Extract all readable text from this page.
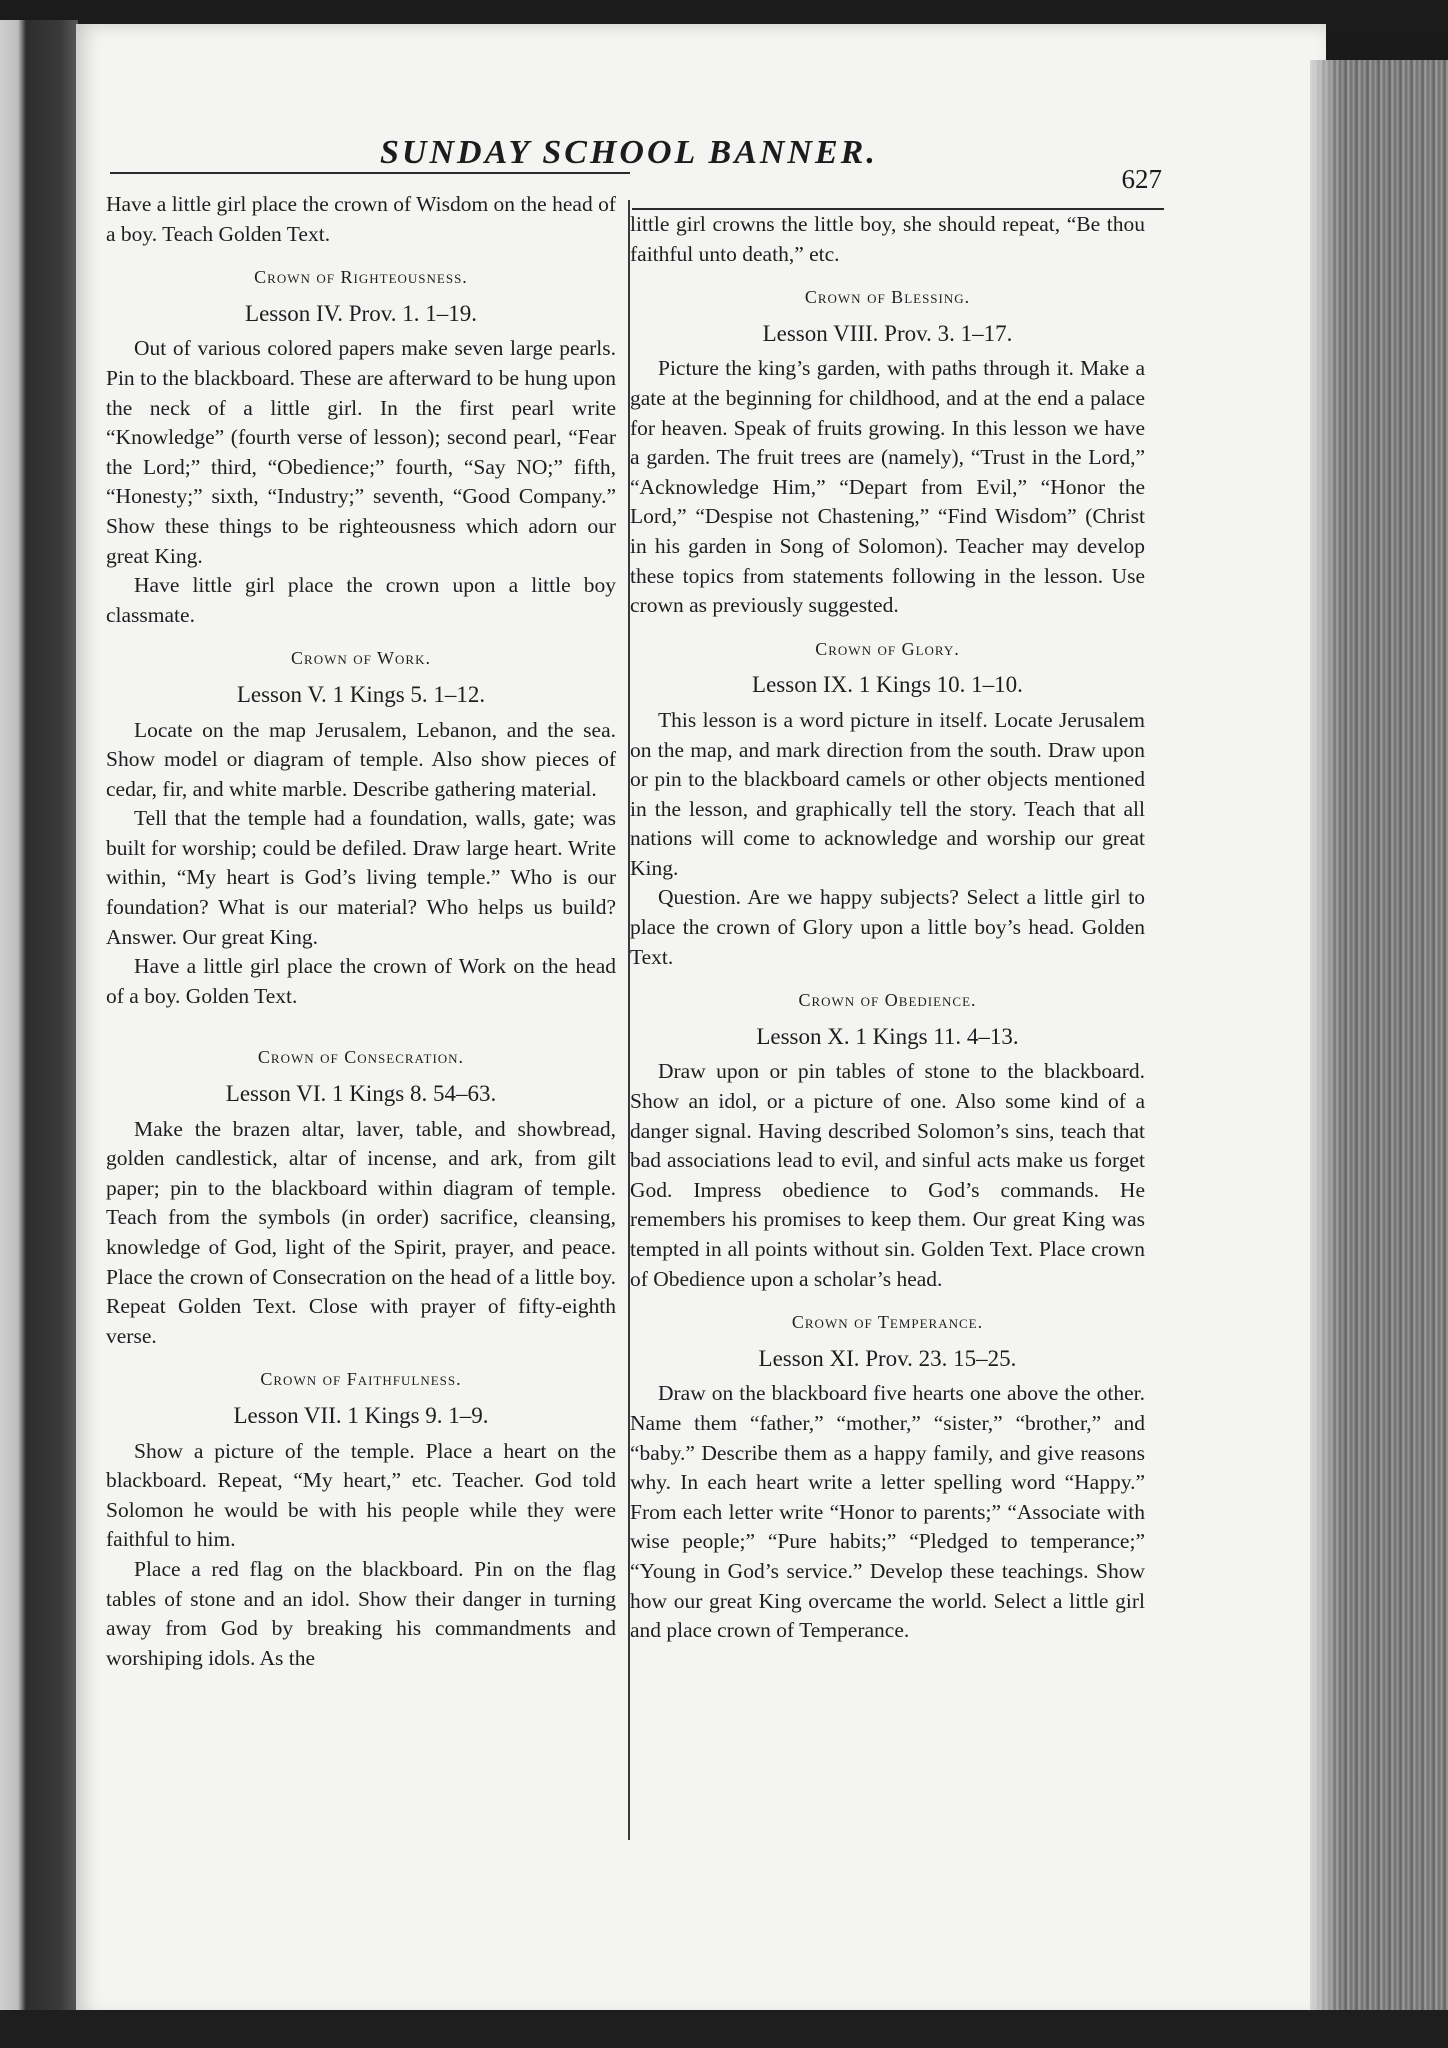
SUNDAY SCHOOL BANNER.
627

Have a little girl place the crown of Wisdom on the head of a boy. Teach Golden Text.

Crown of Righteousness.
Lesson IV. Prov. 1. 1–19.

Out of various colored papers make seven large pearls. Pin to the blackboard. These are afterward to be hung upon the neck of a little girl. In the first pearl write “Knowledge” (fourth verse of lesson); second pearl, “Fear the Lord;” third, “Obedience;” fourth, “Say NO;” fifth, “Honesty;” sixth, “Industry;” seventh, “Good Company.” Show these things to be righteousness which adorn our great King.

Have little girl place the crown upon a little boy classmate.

Crown of Work.
Lesson V. 1 Kings 5. 1–12.

Locate on the map Jerusalem, Lebanon, and the sea. Show model or diagram of temple. Also show pieces of cedar, fir, and white marble. Describe gathering material.

Tell that the temple had a foundation, walls, gate; was built for worship; could be defiled. Draw large heart. Write within, “My heart is God’s living temple.” Who is our foundation? What is our material? Who helps us build? Answer. Our great King.

Have a little girl place the crown of Work on the head of a boy. Golden Text.

Crown of Consecration.
Lesson VI. 1 Kings 8. 54–63.

Make the brazen altar, laver, table, and showbread, golden candlestick, altar of incense, and ark, from gilt paper; pin to the blackboard within diagram of temple. Teach from the symbols (in order) sacrifice, cleansing, knowledge of God, light of the Spirit, prayer, and peace. Place the crown of Consecration on the head of a little boy. Repeat Golden Text. Close with prayer of fifty-eighth verse.

Crown of Faithfulness.
Lesson VII. 1 Kings 9. 1–9.

Show a picture of the temple. Place a heart on the blackboard. Repeat, “My heart,” etc. Teacher. God told Solomon he would be with his people while they were faithful to him.

Place a red flag on the blackboard. Pin on the flag tables of stone and an idol. Show their danger in turning away from God by breaking his commandments and worshiping idols. As the

little girl crowns the little boy, she should repeat, “Be thou faithful unto death,” etc.

Crown of Blessing.
Lesson VIII. Prov. 3. 1–17.

Picture the king’s garden, with paths through it. Make a gate at the beginning for childhood, and at the end a palace for heaven. Speak of fruits growing. In this lesson we have a garden. The fruit trees are (namely), “Trust in the Lord,” “Acknowledge Him,” “Depart from Evil,” “Honor the Lord,” “Despise not Chastening,” “Find Wisdom” (Christ in his garden in Song of Solomon). Teacher may develop these topics from statements following in the lesson. Use crown as previously suggested.

Crown of Glory.
Lesson IX. 1 Kings 10. 1–10.

This lesson is a word picture in itself. Locate Jerusalem on the map, and mark direction from the south. Draw upon or pin to the blackboard camels or other objects mentioned in the lesson, and graphically tell the story. Teach that all nations will come to acknowledge and worship our great King.

Question. Are we happy subjects? Select a little girl to place the crown of Glory upon a little boy’s head. Golden Text.

Crown of Obedience.
Lesson X. 1 Kings 11. 4–13.

Draw upon or pin tables of stone to the blackboard. Show an idol, or a picture of one. Also some kind of a danger signal. Having described Solomon’s sins, teach that bad associations lead to evil, and sinful acts make us forget God. Impress obedience to God’s commands. He remembers his promises to keep them. Our great King was tempted in all points without sin. Golden Text. Place crown of Obedience upon a scholar’s head.

Crown of Temperance.
Lesson XI. Prov. 23. 15–25.

Draw on the blackboard five hearts one above the other. Name them “father,” “mother,” “sister,” “brother,” and “baby.” Describe them as a happy family, and give reasons why. In each heart write a letter spelling word “Happy.” From each letter write “Honor to parents;” “Associate with wise people;” “Pure habits;” “Pledged to temperance;” “Young in God’s service.” Develop these teachings. Show how our great King overcame the world. Select a little girl and place crown of Temperance.
